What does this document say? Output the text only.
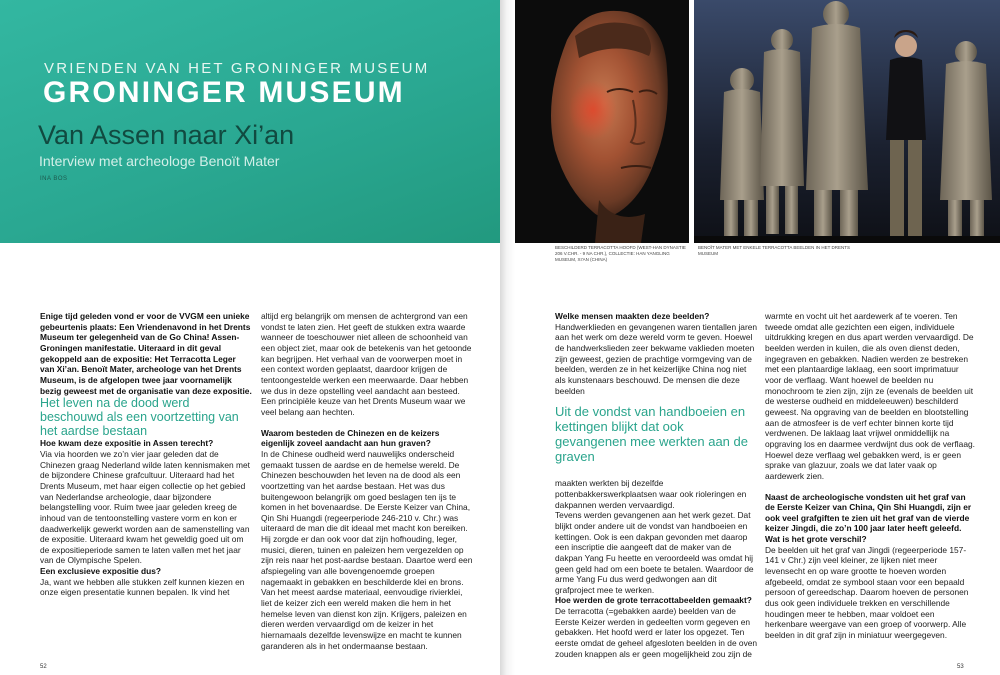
VRIENDEN VAN HET GRONINGER MUSEUM
GRONINGER MUSEUM
Van Assen naar Xi’an
Interview met archeologe Benoït Mater
INA BOS
BESCHILDERD TERRACOTTA HOOFD (WEST-HAN DYNASTIE 206 V.CHR. - 9 NA CHR.), COLLECTIE: HAN YANGLING MUSEUM, XI'AN (CHINA)
BENOÏT MATER MET ENKELE TERRACOTTA BEELDEN IN HET DRENTS MUSEUM

Enige tijd geleden vond er voor de VVGM een unieke gebeurtenis plaats: Een Vriendenavond in het Drents Museum ter gelegenheid van de Go China! Assen-Groningen manifestatie. Uiteraard in dit geval gekoppeld aan de expositie: Het Terracotta Leger van Xi’an. Benoït Mater, archeologe van het Drents Museum, is de afgelopen twee jaar voornamelijk bezig geweest met de organisatie van deze expositie.

Het leven na de dood werd beschouwd als een voortzetting van het aardse bestaan

Hoe kwam deze expositie in Assen terecht?

Via via hoorden we zo’n vier jaar geleden dat de Chinezen graag Nederland wilde laten kennismaken met de bijzondere Chinese grafcultuur. Uiteraard had het Drents Museum, met haar eigen collectie op het gebied van Nederlandse archeologie, daar bijzondere belangstelling voor. Ruim twee jaar geleden kreeg de inhoud van de tentoonstelling vastere vorm en kon er daadwerkelijk gewerkt worden aan de samenstelling van de expositie. Uiteraard kwam het geweldig goed uit om de expositieperiode samen te laten vallen met het jaar van de Olympische Spelen.

Een exclusieve expositie dus?

Ja, want we hebben alle stukken zelf kunnen kiezen en onze eigen presentatie kunnen bepalen. Ik vind het

altijd erg belangrijk om mensen de achtergrond van een vondst te laten zien. Het geeft de stukken extra waarde wanneer de toeschouwer niet alleen de schoonheid van een object ziet, maar ook de betekenis van het getoonde kan begrijpen. Het verhaal van de voorwerpen moet in een context worden geplaatst, daardoor krijgen de tentoongestelde werken een meerwaarde. Daar hebben we dus in deze opstelling veel aandacht aan besteed. Een principiële keuze van het Drents Museum waar we veel belang aan hechten.

Waarom besteden de Chinezen en de keizers eigenlijk zoveel aandacht aan hun graven?

In de Chinese oudheid werd nauwelijks onderscheid gemaakt tussen de aardse en de hemelse wereld. De Chinezen beschouwden het leven na de dood als een voortzetting van het aardse bestaan. Het was dus buitengewoon belangrijk om goed beslagen ten ijs te komen in het bovenaardse. De Eerste Keizer van China, Qin Shi Huangdi (regeerperiode 246-210 v. Chr.) was uiteraard de man die dit ideaal met macht kon bereiken. Hij zorgde er dan ook voor dat zijn hofhouding, leger, musici, dieren, tuinen en paleizen hem vergezelden op zijn reis naar het post-aardse bestaan. Daartoe werd een afspiegeling van alle bovengenoemde groepen nagemaakt in gebakken en beschilderde klei en brons. Van het meest aardse materiaal, eenvoudige rivierklei, liet de keizer zich een wereld maken die hem in het hemelse leven van dienst kon zijn. Krijgers, paleizen en dieren werden vervaardigd om de keizer in het hiernamaals dezelfde levenswijze en macht te kunnen garanderen als in het ondermaanse bestaan.

Welke mensen maakten deze beelden?

Handwerklieden en gevangenen waren tientallen jaren aan het werk om deze wereld vorm te geven. Hoewel de handwerkslieden zeer bekwame vaklieden moeten zijn geweest, gezien de prachtige vormgeving van de beelden, werden ze in het keizerlijke China nog niet als kunstenaars beschouwd. De mensen die deze beelden

Uit de vondst van handboeien en kettingen blijkt dat ook gevangenen mee werkten aan de graven

maakten werkten bij dezelfde pottenbakkerswerkplaatsen waar ook rioleringen en dakpannen werden vervaardigd.

Tevens werden gevangenen aan het werk gezet. Dat blijkt onder andere uit de vondst van handboeien en kettingen. Ook is een dakpan gevonden met daarop een inscriptie die aangeeft dat de maker van de dakpan Yang Fu heette en veroordeeld was omdat hij geen geld had om een boete te betalen. Waardoor de arme Yang Fu dus werd gedwongen aan dit grafproject mee te werken.

Hoe werden de grote terracottabeelden gemaakt?

De terracotta (=gebakken aarde) beelden van de Eerste Keizer werden in gedeelten vorm gegeven en gebakken. Het hoofd werd er later los opgezet. Ten eerste omdat de geheel afgesloten beelden in de oven zouden knappen als er geen mogelijkheid zou zijn de

warmte en vocht uit het aardewerk af te voeren. Ten tweede omdat alle gezichten een eigen, individuele uitdrukking kregen en dus apart werden vervaardigd. De beelden werden in kuilen, die als oven dienst deden, ingegraven en gebakken. Nadien werden ze bestreken met een plantaardige laklaag, een soort imprimatuur voor de verflaag. Want hoewel de beelden nu monochroom te zien zijn, zijn ze (evenals de beelden uit de westerse oudheid en middeleeuwen) beschilderd geweest. Na opgraving van de beelden en blootstelling aan de atmosfeer is de verf echter binnen korte tijd verdwenen. De laklaag laat vrijwel onmiddellijk na opgraving los en daarmee verdwijnt dus ook de verflaag. Hoewel deze verflaag wel gebakken werd, is er geen sprake van glazuur, zoals we dat later vaak op aardewerk zien.

Naast de archeologische vondsten uit het graf van de Eerste Keizer van China, Qin Shi Huangdi, zijn er ook veel grafgiften te zien uit het graf van de vierde keizer Jingdi, die zo’n 100 jaar later heeft geleefd. Wat is het grote verschil?

De beelden uit het graf van Jingdi (regeerperiode 157-141 v Chr.) zijn veel kleiner, ze lijken niet meer levensecht en op ware grootte te hoeven worden afgebeeld, omdat ze symbool staan voor een bepaald persoon of gereedschap. Daarom hoeven de personen dus ook geen individuele trekken en verschillende houdingen meer te hebben, maar voldoet een herkenbare weergave van een groep of voorwerp. Alle beelden in dit graf zijn in miniatuur weergegeven.

52	53
